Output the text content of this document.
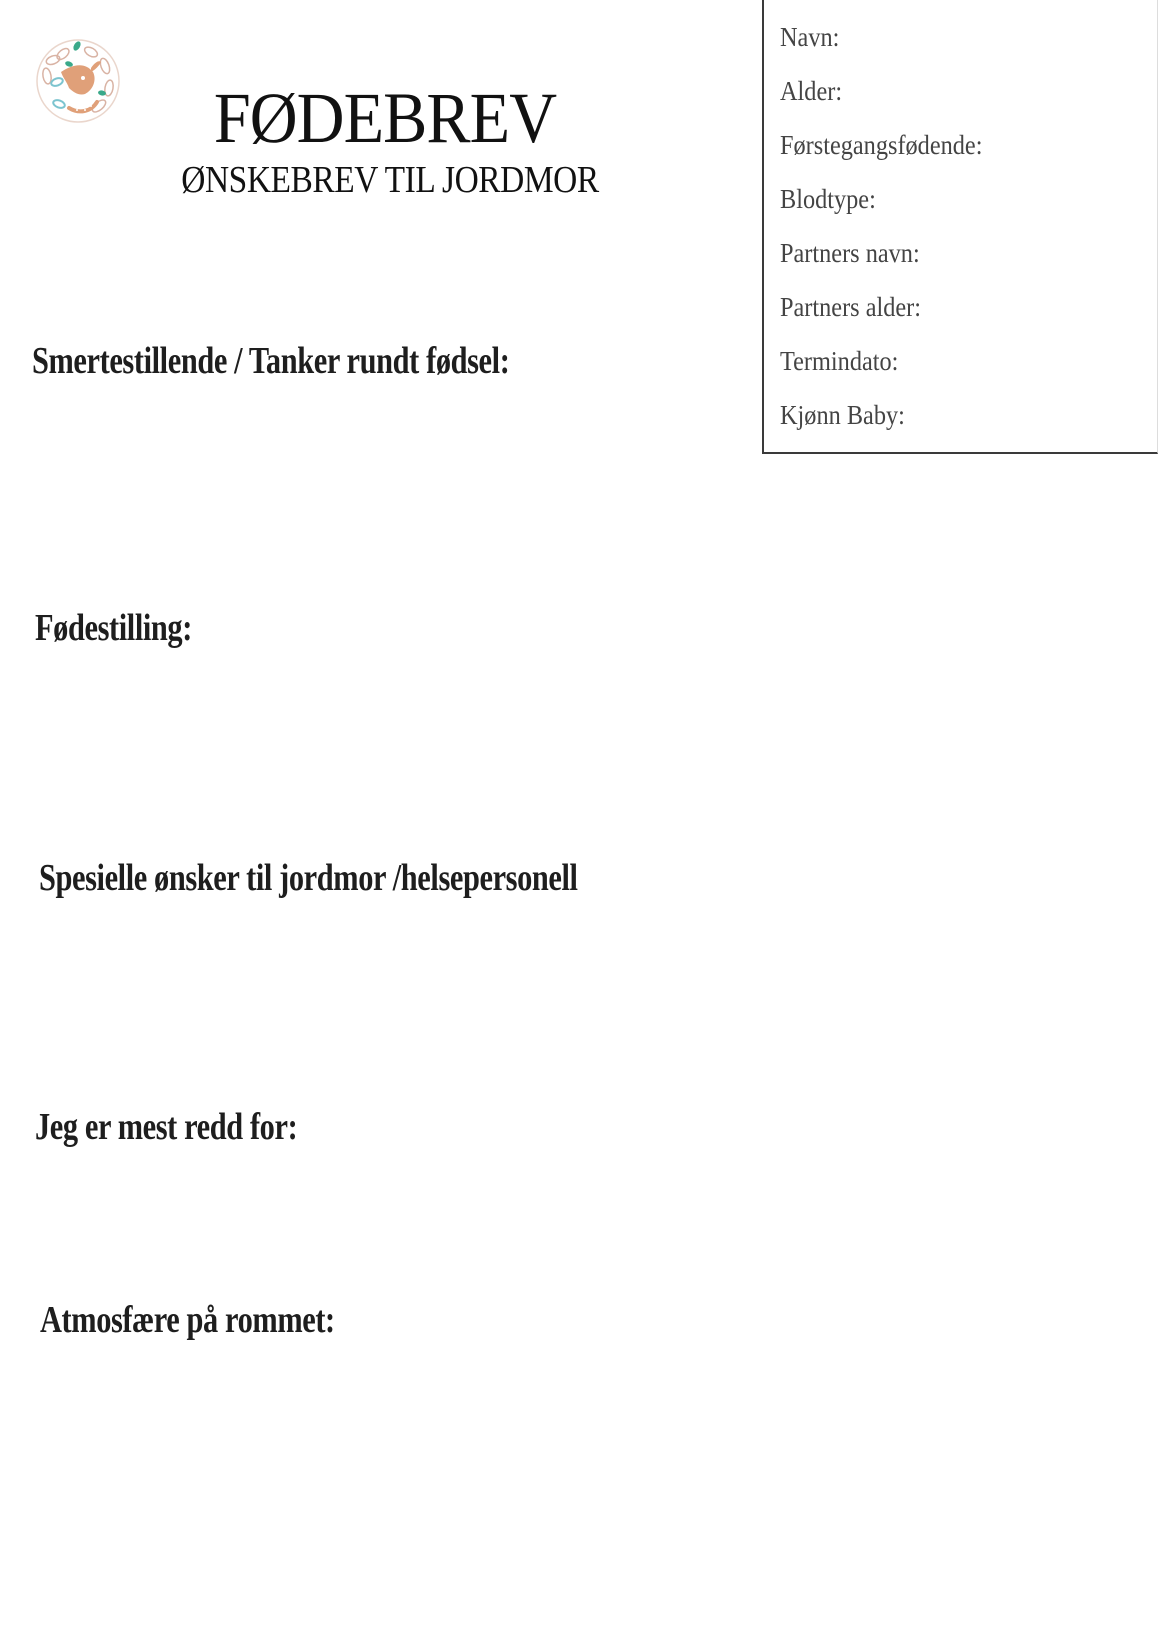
FØDEBREV
ØNSKEBREV TIL JORDMOR
Navn:
Alder:
Førstegangsfødende:
Blodtype:
Partners navn:
Partners alder:
Termindato:
Kjønn Baby:
Smertestillende / Tanker rundt fødsel:
Fødestilling:
Spesielle ønsker til jordmor /helsepersonell
Jeg er mest redd for:
Atmosfære på rommet:
